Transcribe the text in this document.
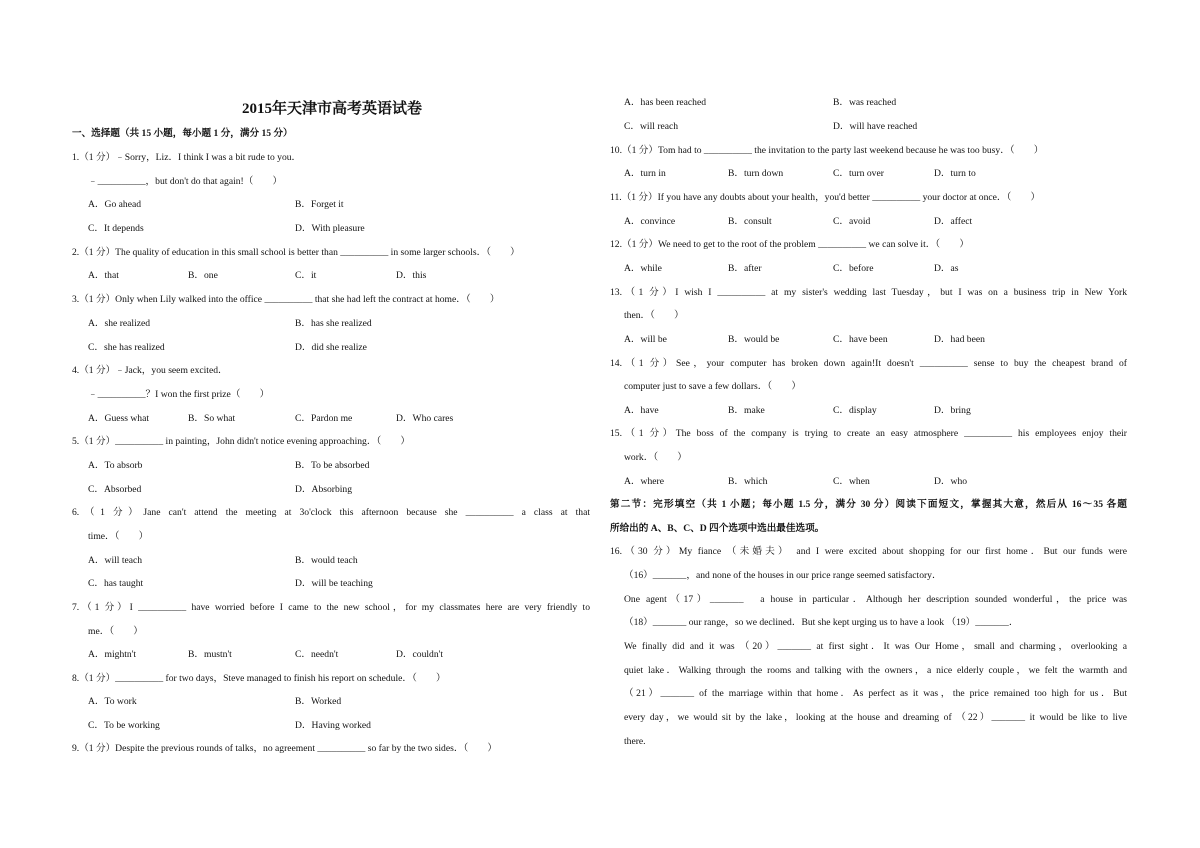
2015年天津市高考英语试卷
一、选择题（共 15 小题，每小题 1 分，满分 15 分）
1.（1 分）﹣Sorry，Liz．I think I was a bit rude to you．
﹣__________，but don't do that again!（　　）
A．Go ahead	B．Forget it
C．It depends	D．With pleasure
2.（1 分）The quality of education in this small school is better than __________ in some larger schools．（　　）
A．that	B．one	C．it	D．this
3.（1 分）Only when Lily walked into the office __________ that she had left the contract at home．（　　）
A．she realized	B．has she realized
C．she has realized	D．did she realize
4.（1 分）﹣Jack，you seem excited．
﹣__________？I won the first prize（　　）
A．Guess what	B．So what	C．Pardon me	D．Who cares
5.（1 分）__________ in painting，John didn't notice evening approaching．（　　）
A．To absorb	B．To be absorbed
C．Absorbed	D．Absorbing
6.（1 分）Jane can't attend the meeting at 3o'clock this afternoon because she __________ a class at that
time．（　　）
A．will teach	B．would teach
C．has taught	D．will be teaching
7.（1 分）I __________ have worried before I came to the new school，for my classmates here are very friendly to
me．（　　）
A．mightn't	B．mustn't	C．needn't	D．couldn't
8.（1 分）__________ for two days，Steve managed to finish his report on schedule．（　　）
A．To work	B．Worked
C．To be working	D．Having worked
9.（1 分）Despite the previous rounds of talks，no agreement __________ so far by the two sides．（　　）
A．has been reached	B．was reached
C．will reach	D．will have reached
10.（1 分）Tom had to __________ the invitation to the party last weekend because he was too busy．（　　）
A．turn in	B．turn down	C．turn over	D．turn to
11.（1 分）If you have any doubts about your health，you'd better __________ your doctor at once．（　　）
A．convince	B．consult	C．avoid	D．affect
12.（1 分）We need to get to the root of the problem __________ we can solve it．（　　）
A．while	B．after	C．before	D．as
13.（1 分）I wish I __________ at my sister's wedding last Tuesday，but I was on a business trip in New York
then．（　　）
A．will be	B．would be	C．have been	D．had been
14.（1 分）See，your computer has broken down again!It doesn't __________ sense to buy the cheapest brand of
computer just to save a few dollars．（　　）
A．have	B．make	C．display	D．bring
15.（1 分）The boss of the company is trying to create an easy atmosphere __________ his employees enjoy their
work．（　　）
A．where	B．which	C．when	D．who
第二节：完形填空（共 1 小题；每小题 1.5 分，满分 30 分）阅读下面短文，掌握其大意，然后从 16～35 各题
所给出的 A、B、C、D 四个选项中选出最佳选项。
16.（30 分）My fiance （未婚夫） and I were excited about shopping for our first home．But our funds were
（16）_______，and none of the houses in our price range seemed satisfactory．
One agent（17）_______　a house in particular．Although her description sounded wonderful，the price was
（18）_______ our range，so we declined．But she kept urging us to have a look （19）_______．
We finally did and it was （20）_______ at first sight．It was Our Home，small and charming，overlooking a
quiet lake．Walking through the rooms and talking with the owners，a nice elderly couple，we felt the warmth and
（21）_______ of the marriage within that home．As perfect as it was，the price remained too high for us．But
every day，we would sit by the lake，looking at the house and dreaming of （22）_______ it would be like to live
there.
